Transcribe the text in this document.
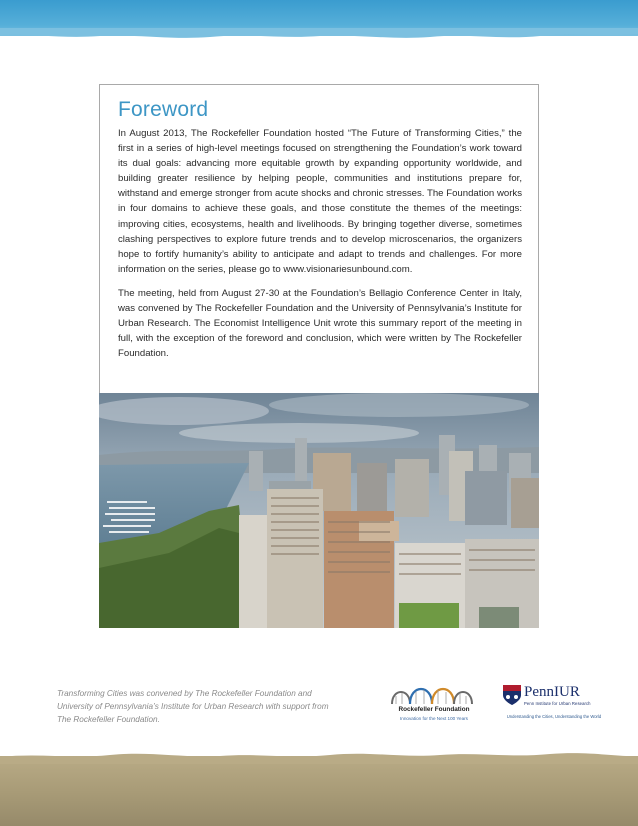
Foreword

In August 2013, The Rockefeller Foundation hosted “The Future of Transforming Cities,” the first in a series of high-level meetings focused on strengthening the Foundation’s work toward its dual goals: advancing more equitable growth by expanding opportunity worldwide, and building greater resilience by helping people, communities and institutions prepare for, withstand and emerge stronger from acute shocks and chronic stresses. The Foundation works in four domains to achieve these goals, and those constitute the themes of the meetings: improving cities, ecosystems, health and livelihoods. By bringing together diverse, sometimes clashing perspectives to explore future trends and to develop microscenarios, the organizers hope to fortify humanity’s ability to anticipate and adapt to trends and challenges. For more information on the series, please go to www.visionariesunbound.com.

The meeting, held from August 27-30 at the Foundation’s Bellagio Conference Center in Italy, was convened by The Rockefeller Foundation and the University of Pennsylvania’s Institute for Urban Research. The Economist Intelligence Unit wrote this summary report of the meeting in full, with the exception of the foreword and conclusion, which were written by The Rockefeller Foundation.

Transforming Cities was convened by The Rockefeller Foundation and
University of Pennsylvania’s Institute for Urban Research with support from
The Rockefeller Foundation.
Rockefeller Foundation
Innovation for the Next 100 Years
PennIUR
Penn Institute for Urban Research
Understanding the Cities, Understanding the World
